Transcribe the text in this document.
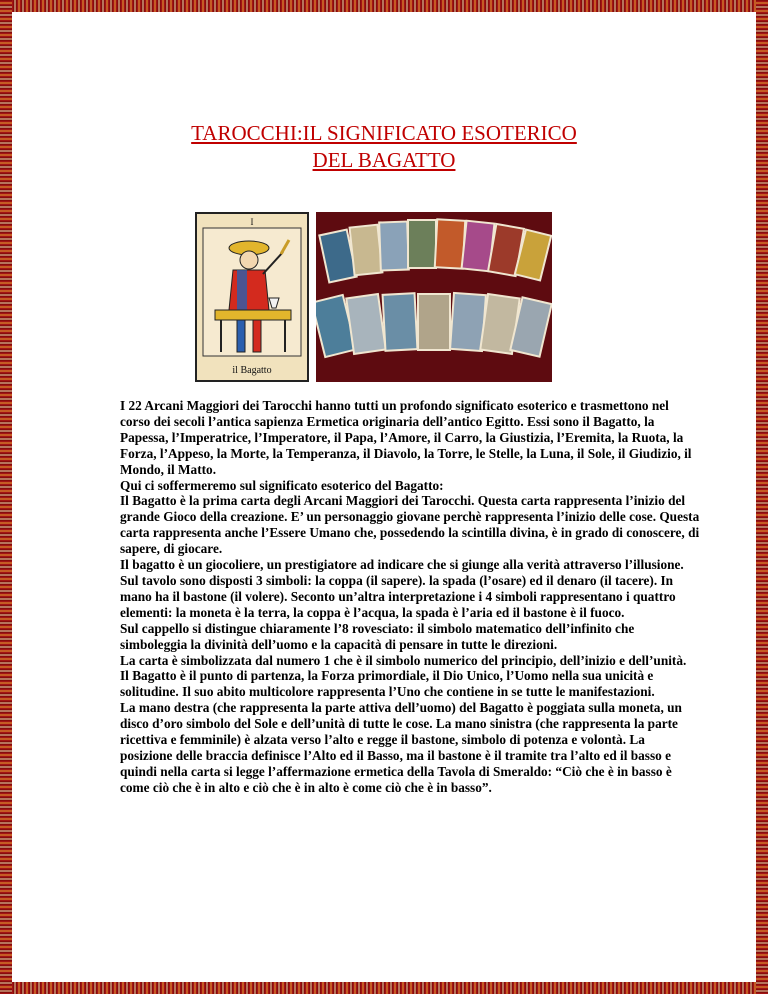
TAROCCHI:IL SIGNIFICATO ESOTERICO
DEL BAGATTO
I
il Bagatto

I 22 Arcani Maggiori dei Tarocchi hanno tutti un profondo significato esoterico e trasmettono nel corso dei secoli l’antica sapienza Ermetica originaria dell’antico Egitto. Essi sono il Bagatto, la Papessa, l’Imperatrice, l’Imperatore, il Papa, l’Amore, il Carro, la Giustizia, l’Eremita, la Ruota, la Forza, l’Appeso, la Morte, la Temperanza, il Diavolo, la Torre, le Stelle, la Luna, il Sole, il Giudizio, il Mondo, il Matto.

Qui ci soffermeremo sul significato esoterico del Bagatto:

Il Bagatto è la prima carta degli Arcani Maggiori dei Tarocchi. Questa carta rappresenta l’inizio del grande Gioco della creazione. E’ un personaggio giovane perchè rappresenta l’inizio delle cose. Questa carta rappresenta anche l’Essere Umano che, possedendo la scintilla divina, è in grado di conoscere, di sapere, di giocare.

Il bagatto è un giocoliere, un prestigiatore ad indicare che si giunge alla verità attraverso l’illusione.

Sul tavolo sono disposti 3 simboli: la coppa (il sapere). la spada (l’osare) ed il denaro (il tacere). In mano ha il bastone (il volere). Seconto un’altra interpretazione i 4 simboli rappresentano i quattro elementi: la moneta è la terra, la coppa è l’acqua, la spada è l’aria ed il bastone è il fuoco.

Sul cappello si distingue chiaramente l’8 rovesciato: il simbolo matematico dell’infinito che simboleggia la divinità dell’uomo e la capacità di pensare in tutte le direzioni.

La carta è simbolizzata dal numero 1 che è il simbolo numerico del principio, dell’inizio e dell’unità.

Il Bagatto è il punto di partenza, la Forza primordiale, il Dio Unico, l’Uomo nella sua unicità e solitudine. Il suo abito multicolore rappresenta l’Uno che contiene in se tutte le manifestazioni.

La mano destra (che rappresenta la parte attiva dell’uomo) del Bagatto è poggiata sulla moneta, un disco d’oro simbolo del Sole e dell’unità di tutte le cose. La mano sinistra (che rappresenta la parte ricettiva e femminile) è alzata verso l’alto e regge il bastone, simbolo di potenza e volontà. La posizione delle braccia definisce l’Alto ed il Basso, ma il bastone è il tramite tra l’alto ed il basso e quindi nella carta si legge l’affermazione ermetica della Tavola di Smeraldo: “Ciò che è in basso è come ciò che è in alto e ciò che è in alto è come ciò che è in basso”.
